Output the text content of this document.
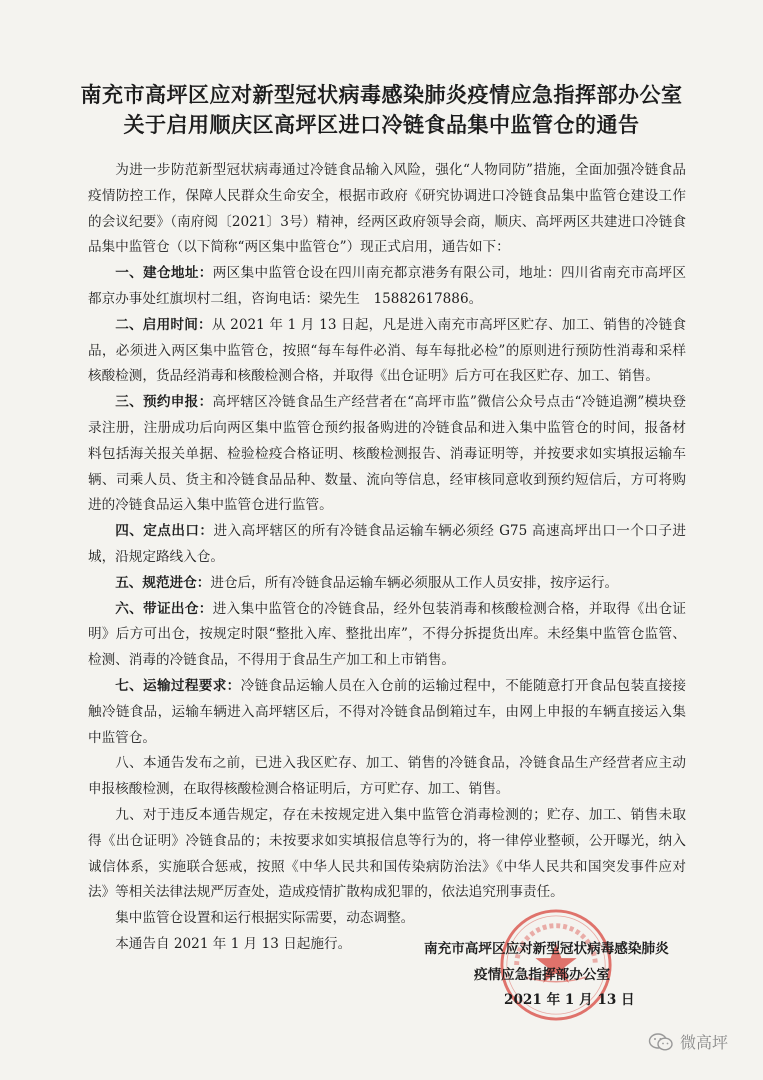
南充市高坪区应对新型冠状病毒感染肺炎疫情应急指挥部办公室
关于启用顺庆区高坪区进口冷链食品集中监管仓的通告

为进一步防范新型冠状病毒通过冷链食品输入风险，强化“人物同防”措施，全面加强冷链食品疫情防控工作，保障人民群众生命安全，根据市政府《研究协调进口冷链食品集中监管仓建设工作的会议纪要》（南府阅〔2021〕3号）精神，经两区政府领导会商，顺庆、高坪两区共建进口冷链食品集中监管仓（以下简称“两区集中监管仓”）现正式启用，通告如下：

一、建仓地址：两区集中监管仓设在四川南充都京港务有限公司，地址：四川省南充市高坪区都京办事处红旗坝村二组，咨询电话：梁先生　15882617886。

二、启用时间：从 2021 年 1 月 13 日起，凡是进入南充市高坪区贮存、加工、销售的冷链食品，必须进入两区集中监管仓，按照“每车每件必消、每车每批必检”的原则进行预防性消毒和采样核酸检测，货品经消毒和核酸检测合格，并取得《出仓证明》后方可在我区贮存、加工、销售。

三、预约申报：高坪辖区冷链食品生产经营者在“高坪市监”微信公众号点击“冷链追溯”模块登录注册，注册成功后向两区集中监管仓预约报备购进的冷链食品和进入集中监管仓的时间，报备材料包括海关报关单据、检验检疫合格证明、核酸检测报告、消毒证明等，并按要求如实填报运输车辆、司乘人员、货主和冷链食品品种、数量、流向等信息，经审核同意收到预约短信后，方可将购进的冷链食品运入集中监管仓进行监管。

四、定点出口：进入高坪辖区的所有冷链食品运输车辆必须经 G75 高速高坪出口一个口子进城，沿规定路线入仓。

五、规范进仓：进仓后，所有冷链食品运输车辆必须服从工作人员安排，按序运行。

六、带证出仓：进入集中监管仓的冷链食品，经外包装消毒和核酸检测合格，并取得《出仓证明》后方可出仓，按规定时限“整批入库、整批出库”，不得分拆提货出库。未经集中监管仓监管、检测、消毒的冷链食品，不得用于食品生产加工和上市销售。

七、运输过程要求：冷链食品运输人员在入仓前的运输过程中，不能随意打开食品包装直接接触冷链食品，运输车辆进入高坪辖区后，不得对冷链食品倒箱过车，由网上申报的车辆直接运入集中监管仓。

八、本通告发布之前，已进入我区贮存、加工、销售的冷链食品，冷链食品生产经营者应主动申报核酸检测，在取得核酸检测合格证明后，方可贮存、加工、销售。

九、对于违反本通告规定，存在未按规定进入集中监管仓消毒检测的；贮存、加工、销售未取得《出仓证明》冷链食品的；未按要求如实填报信息等行为的，将一律停业整顿，公开曝光，纳入诚信体系，实施联合惩戒，按照《中华人民共和国传染病防治法》《中华人民共和国突发事件应对法》等相关法律法规严厉查处，造成疫情扩散构成犯罪的，依法追究刑事责任。

集中监管仓设置和运行根据实际需要，动态调整。

本通告自 2021 年 1 月 13 日起施行。	南充市高坪区应对新型冠状病毒感染肺炎
疫情应急指挥部办公室
2021 年 1 月 13 日
微高坪
